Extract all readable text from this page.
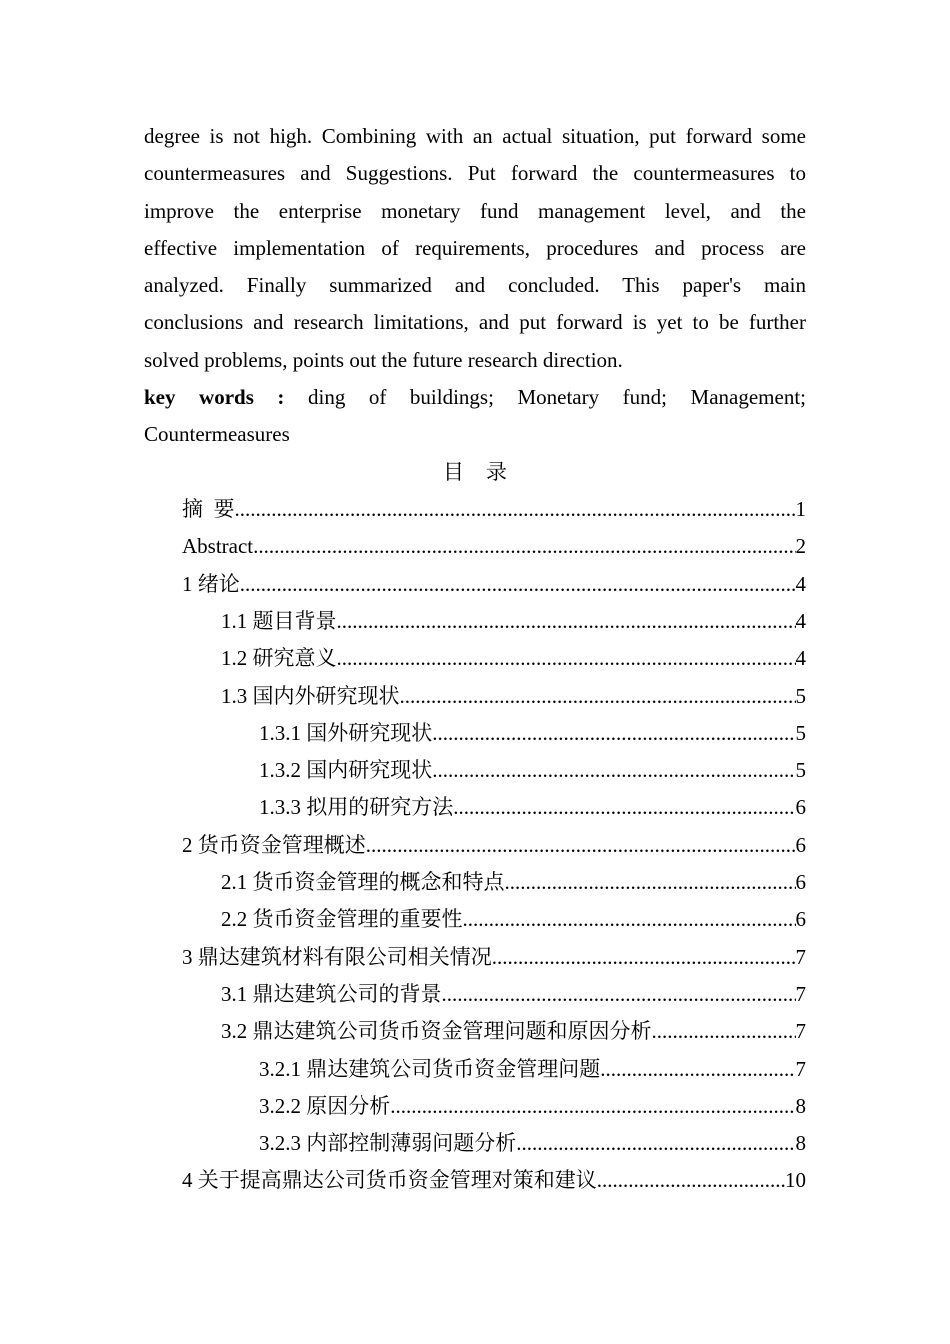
degree is not high. Combining with an actual situation, put forward some
countermeasures and Suggestions. Put forward the countermeasures to
improve the enterprise monetary fund management level, and the
effective implementation of requirements, procedures and process are
analyzed. Finally summarized and concluded. This paper's main
conclusions and research limitations, and put forward is yet to be further
solved problems, points out the future research direction.
key words : ding of buildings; Monetary fund; Management;
Countermeasures
目 录
摘  要 .....	1
Abstract .....	2
1 绪论 .....	4
1.1 题目背景 .....	4
1.2 研究意义 .....	4
1.3 国内外研究现状 .....	5
1.3.1 国外研究现状 .....	5
1.3.2 国内研究现状 .....	5
1.3.3 拟用的研究方法 .....	6
2 货币资金管理概述 .....	6
2.1 货币资金管理的概念和特点 .....	6
2.2 货币资金管理的重要性 .....	6
3 鼎达建筑材料有限公司相关情况 .....	7
3.1 鼎达建筑公司的背景 .....	7
3.2 鼎达建筑公司货币资金管理问题和原因分析 .....	7
3.2.1 鼎达建筑公司货币资金管理问题 .....	7
3.2.2 原因分析 .....	8
3.2.3 内部控制薄弱问题分析 .....	8
4 关于提高鼎达公司货币资金管理对策和建议 .....	10
